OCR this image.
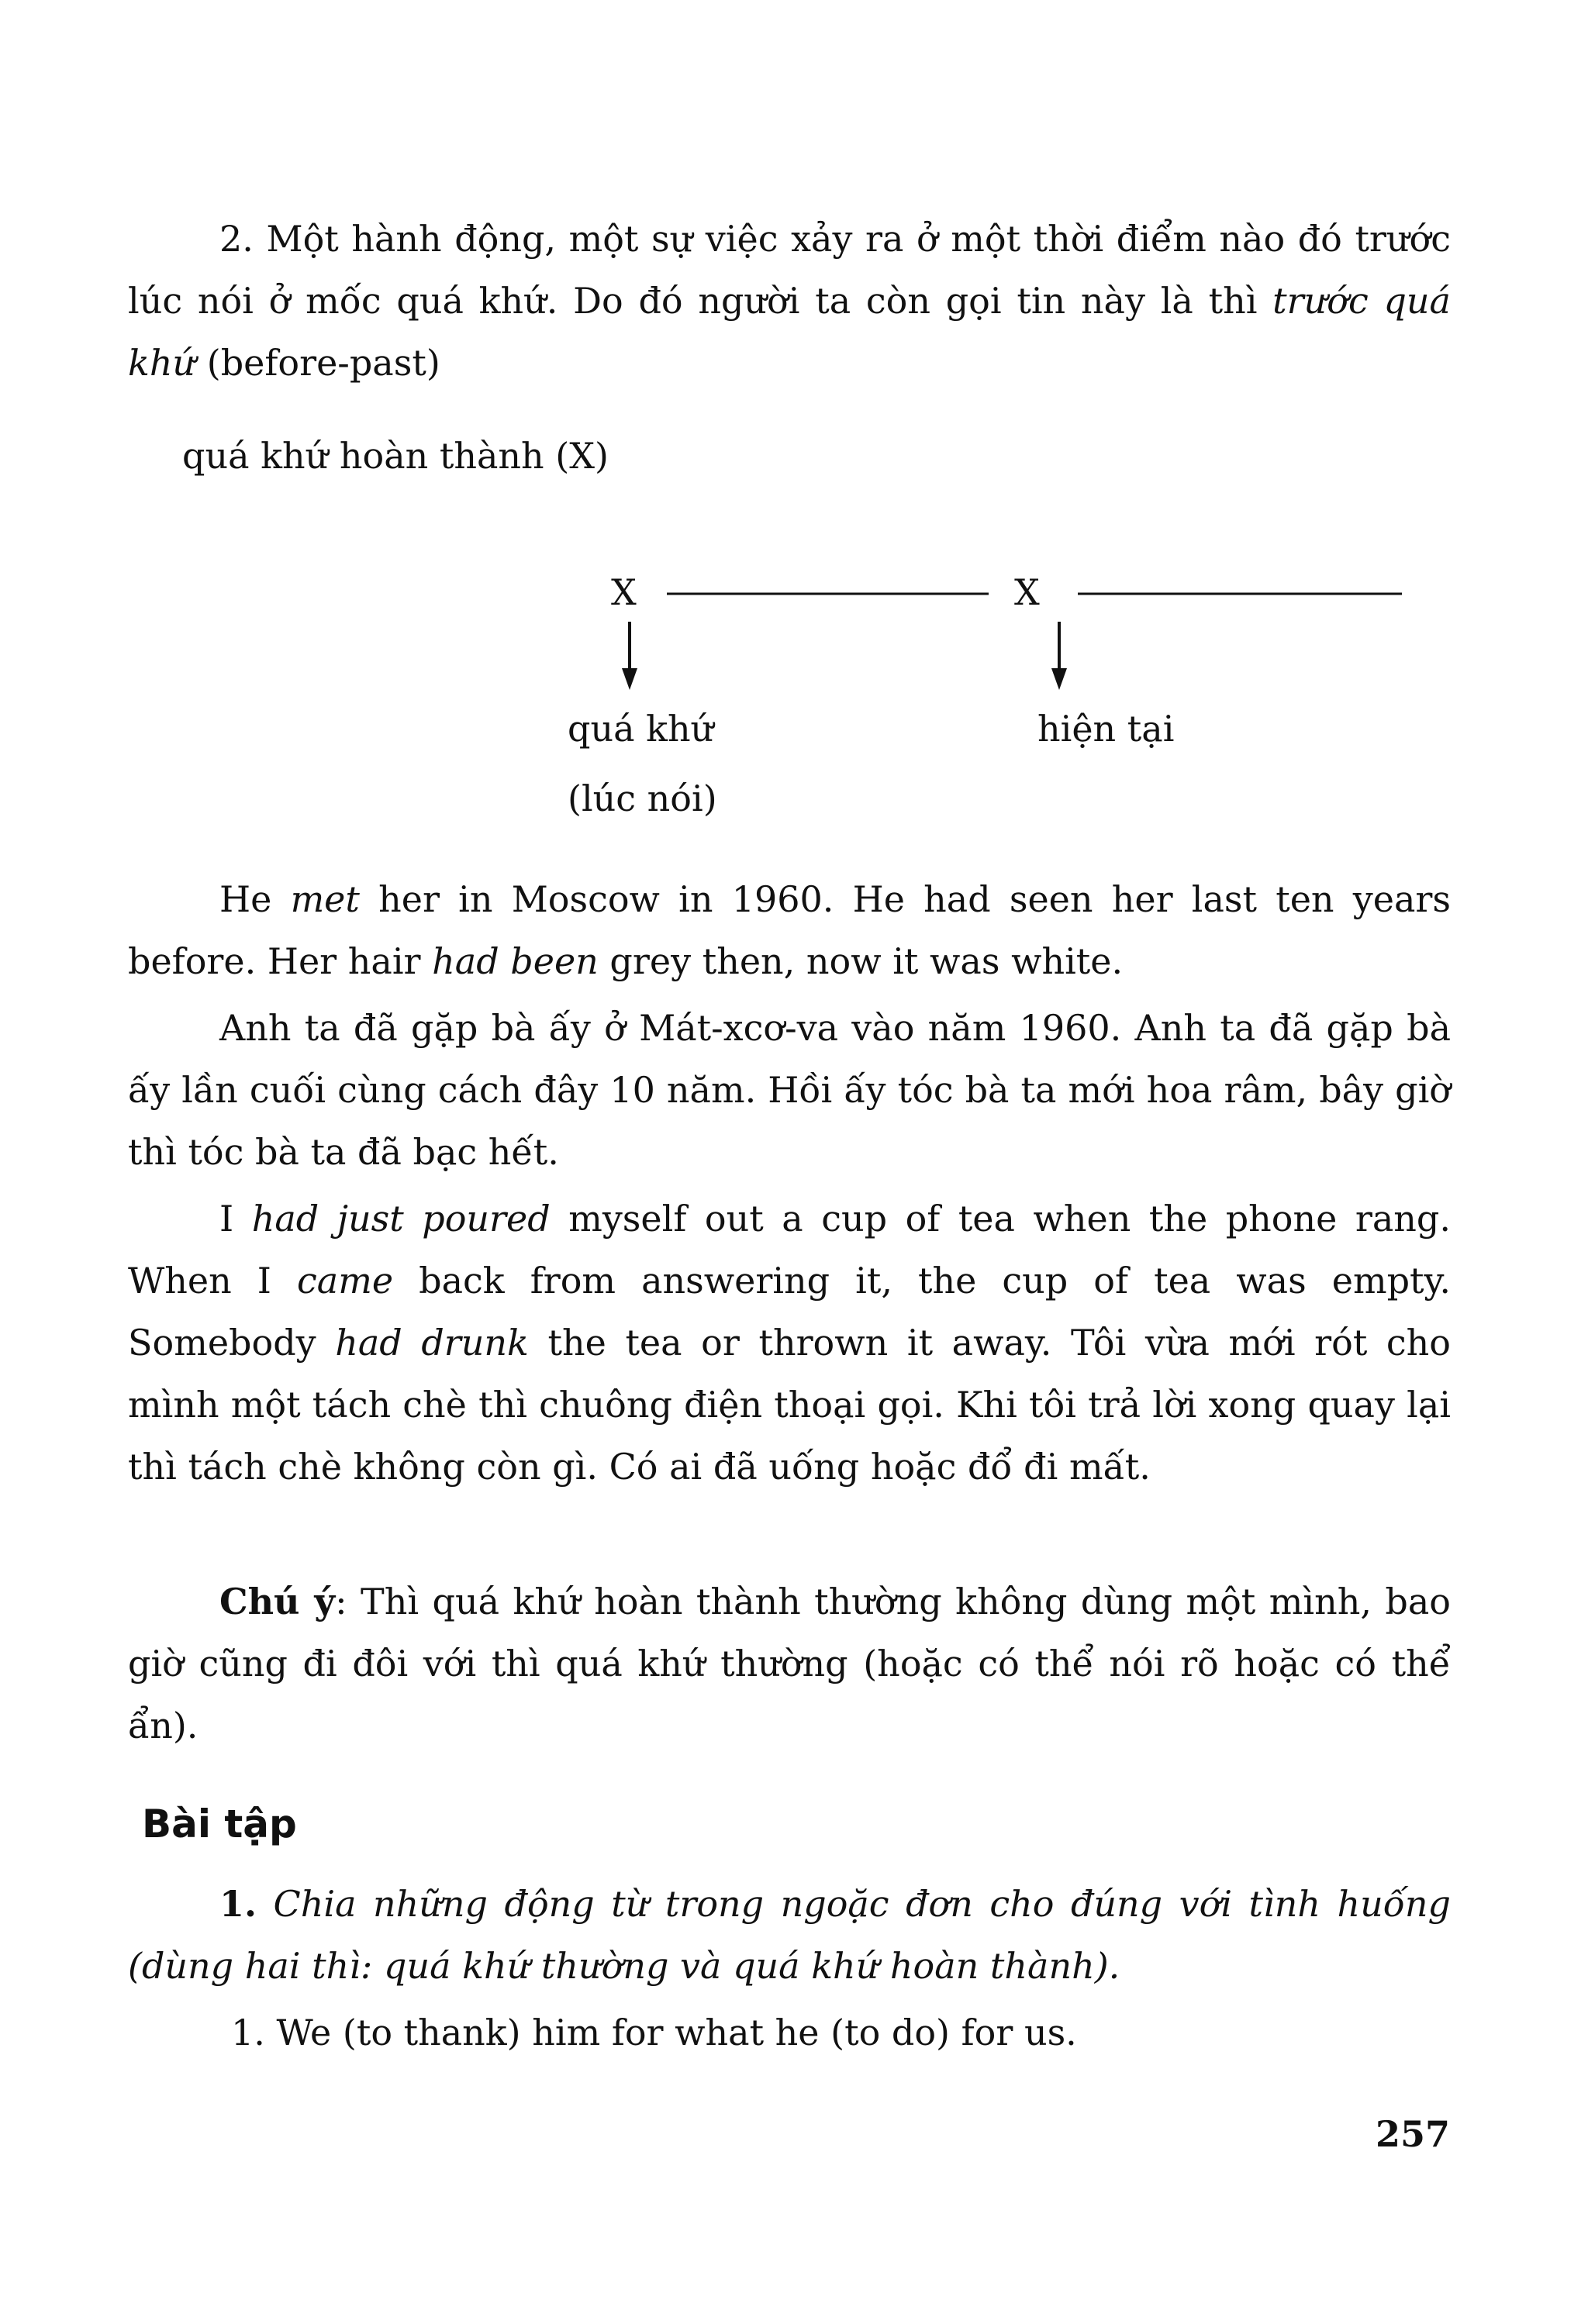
2. Một hành động, một sự việc xảy ra ở một thời điểm nào đó trước lúc nói ở mốc quá khứ. Do đó người ta còn gọi tin này là thì trước quá khứ (before-past)

quá khứ hoàn thành (X)

X	X

quá khứ

(lúc nói)

hiện tại

He met her in Moscow in 1960. He had seen her last ten years before. Her hair had been grey then, now it was white.

Anh ta đã gặp bà ấy ở Mát-xcơ-va vào năm 1960. Anh ta đã gặp bà ấy lần cuối cùng cách đây 10 năm. Hồi ấy tóc bà ta mới hoa râm, bây giờ thì tóc bà ta đã bạc hết.

I had just poured myself out a cup of tea when the phone rang. When I came back from answering it, the cup of tea was empty. Somebody had drunk the tea or thrown it away. Tôi vừa mới rót cho mình một tách chè thì chuông điện thoại gọi. Khi tôi trả lời xong quay lại thì tách chè không còn gì. Có ai đã uống hoặc đổ đi mất.

Chú ý: Thì quá khứ hoàn thành thường không dùng một mình, bao giờ cũng đi đôi với thì quá khứ thường (hoặc có thể nói rõ hoặc có thể ẩn).

Bài tập

1. Chia những động từ trong ngoặc đơn cho đúng với tình huống (dùng hai thì: quá khứ thường và quá khứ hoàn thành).

1. We (to thank) him for what he (to do) for us.

257
